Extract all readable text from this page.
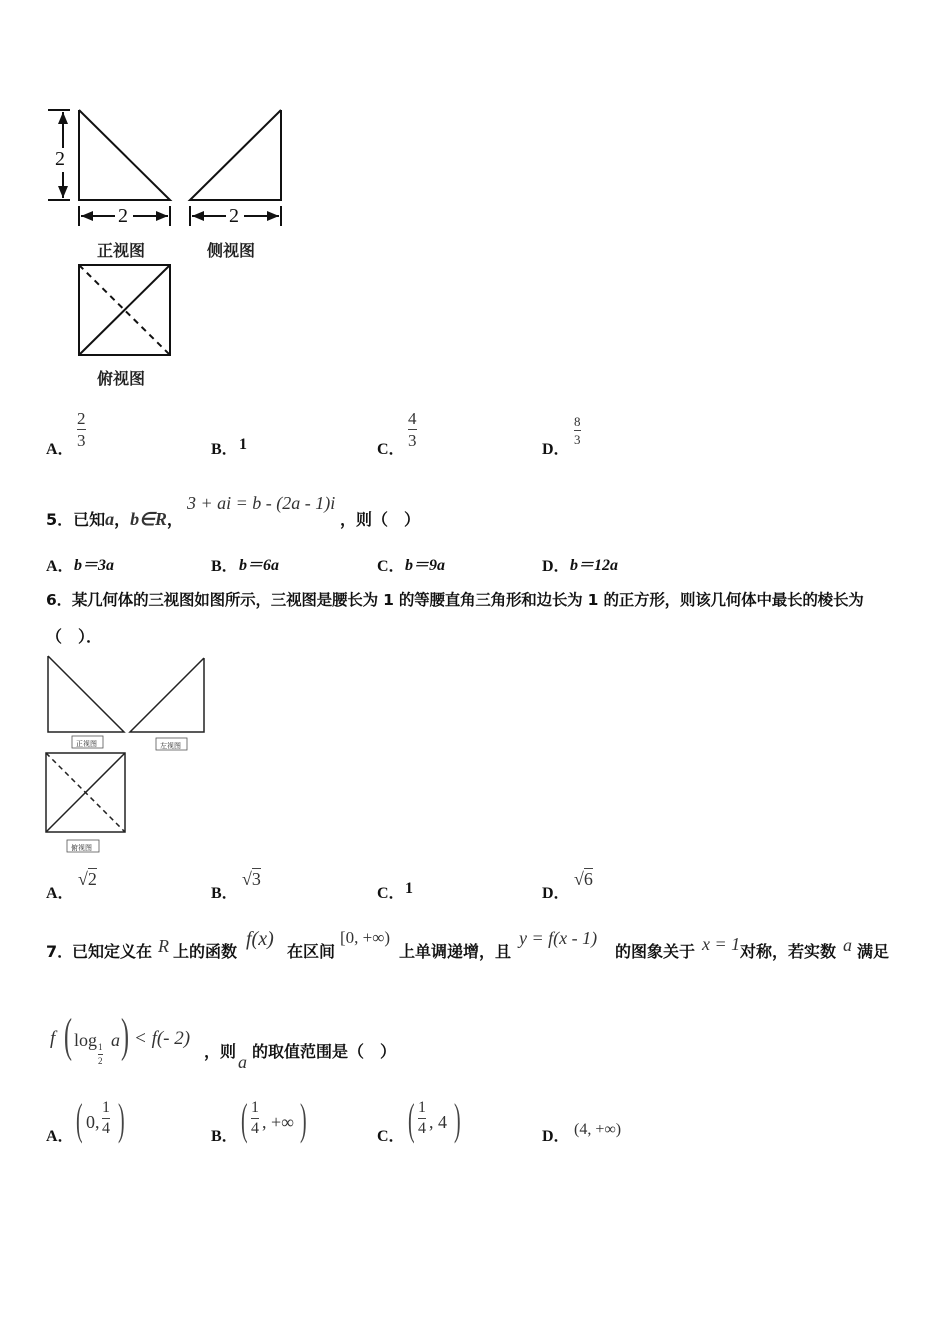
2
2	2
正视图	侧视图
俯视图
A．
2
3	B． 1	C．
4
3	D．
8
3
5．已知a，b∈R，
3 + ai = b - (2a - 1)i
，则（　）
A． b＝3a	B． b＝6a	C． b＝9a	D． b＝12a
6．某几何体的三视图如图所示，三视图是腰长为 1 的等腰直角三角形和边长为 1 的正方形，则该几何体中最长的棱长为
（　）．
正视图	左视图
俯视图
A．
√2
B．
√3
C． 1	D．
√6
7．
已知定义在 R 上的函数
f(x)
在区间
[0, +∞)
上单调递增，且
y = f(x - 1)
的图象关于 x = 1 对称，若实数 a 满足
f ( log 1
2
a ) < f(- 2)
，则
a
的取值范围是（　）
A． ( 0,
1
4 )	B． ( 1
4 , +∞ )	C． ( 1
4 , 4 )	D． (4, +∞)
